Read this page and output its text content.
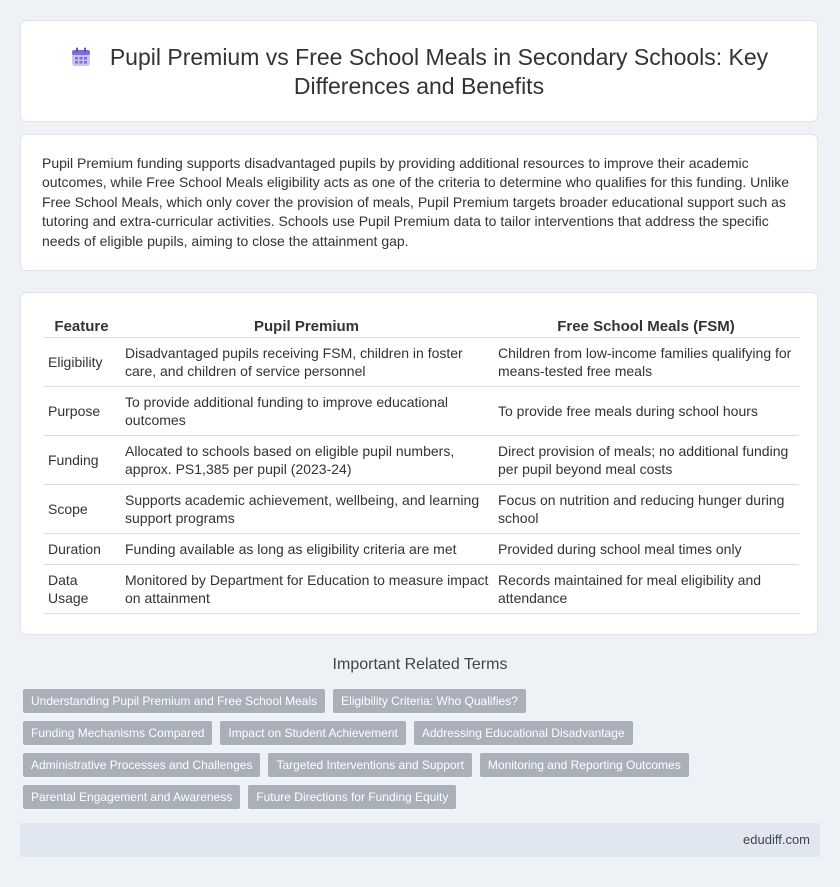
Pupil Premium vs Free School Meals in Secondary Schools: Key Differences and Benefits
Pupil Premium funding supports disadvantaged pupils by providing additional resources to improve their academic outcomes, while Free School Meals eligibility acts as one of the criteria to determine who qualifies for this funding. Unlike Free School Meals, which only cover the provision of meals, Pupil Premium targets broader educational support such as tutoring and extra-curricular activities. Schools use Pupil Premium data to tailor interventions that address the specific needs of eligible pupils, aiming to close the attainment gap.
Feature	Pupil Premium	Free School Meals (FSM)
Eligibility	Disadvantaged pupils receiving FSM, children in foster care, and children of service personnel	Children from low-income families qualifying for means-tested free meals
Purpose	To provide additional funding to improve educational outcomes	To provide free meals during school hours
Funding	Allocated to schools based on eligible pupil numbers, approx. PS1,385 per pupil (2023-24)	Direct provision of meals; no additional funding per pupil beyond meal costs
Scope	Supports academic achievement, wellbeing, and learning support programs	Focus on nutrition and reducing hunger during school
Duration	Funding available as long as eligibility criteria are met	Provided during school meal times only
Data Usage	Monitored by Department for Education to measure impact on attainment	Records maintained for meal eligibility and attendance
Important Related Terms
Understanding Pupil Premium and Free School Meals	Eligibility Criteria: Who Qualifies?
Funding Mechanisms Compared	Impact on Student Achievement	Addressing Educational Disadvantage
Administrative Processes and Challenges	Targeted Interventions and Support	Monitoring and Reporting Outcomes
Parental Engagement and Awareness	Future Directions for Funding Equity
edudiff.com
